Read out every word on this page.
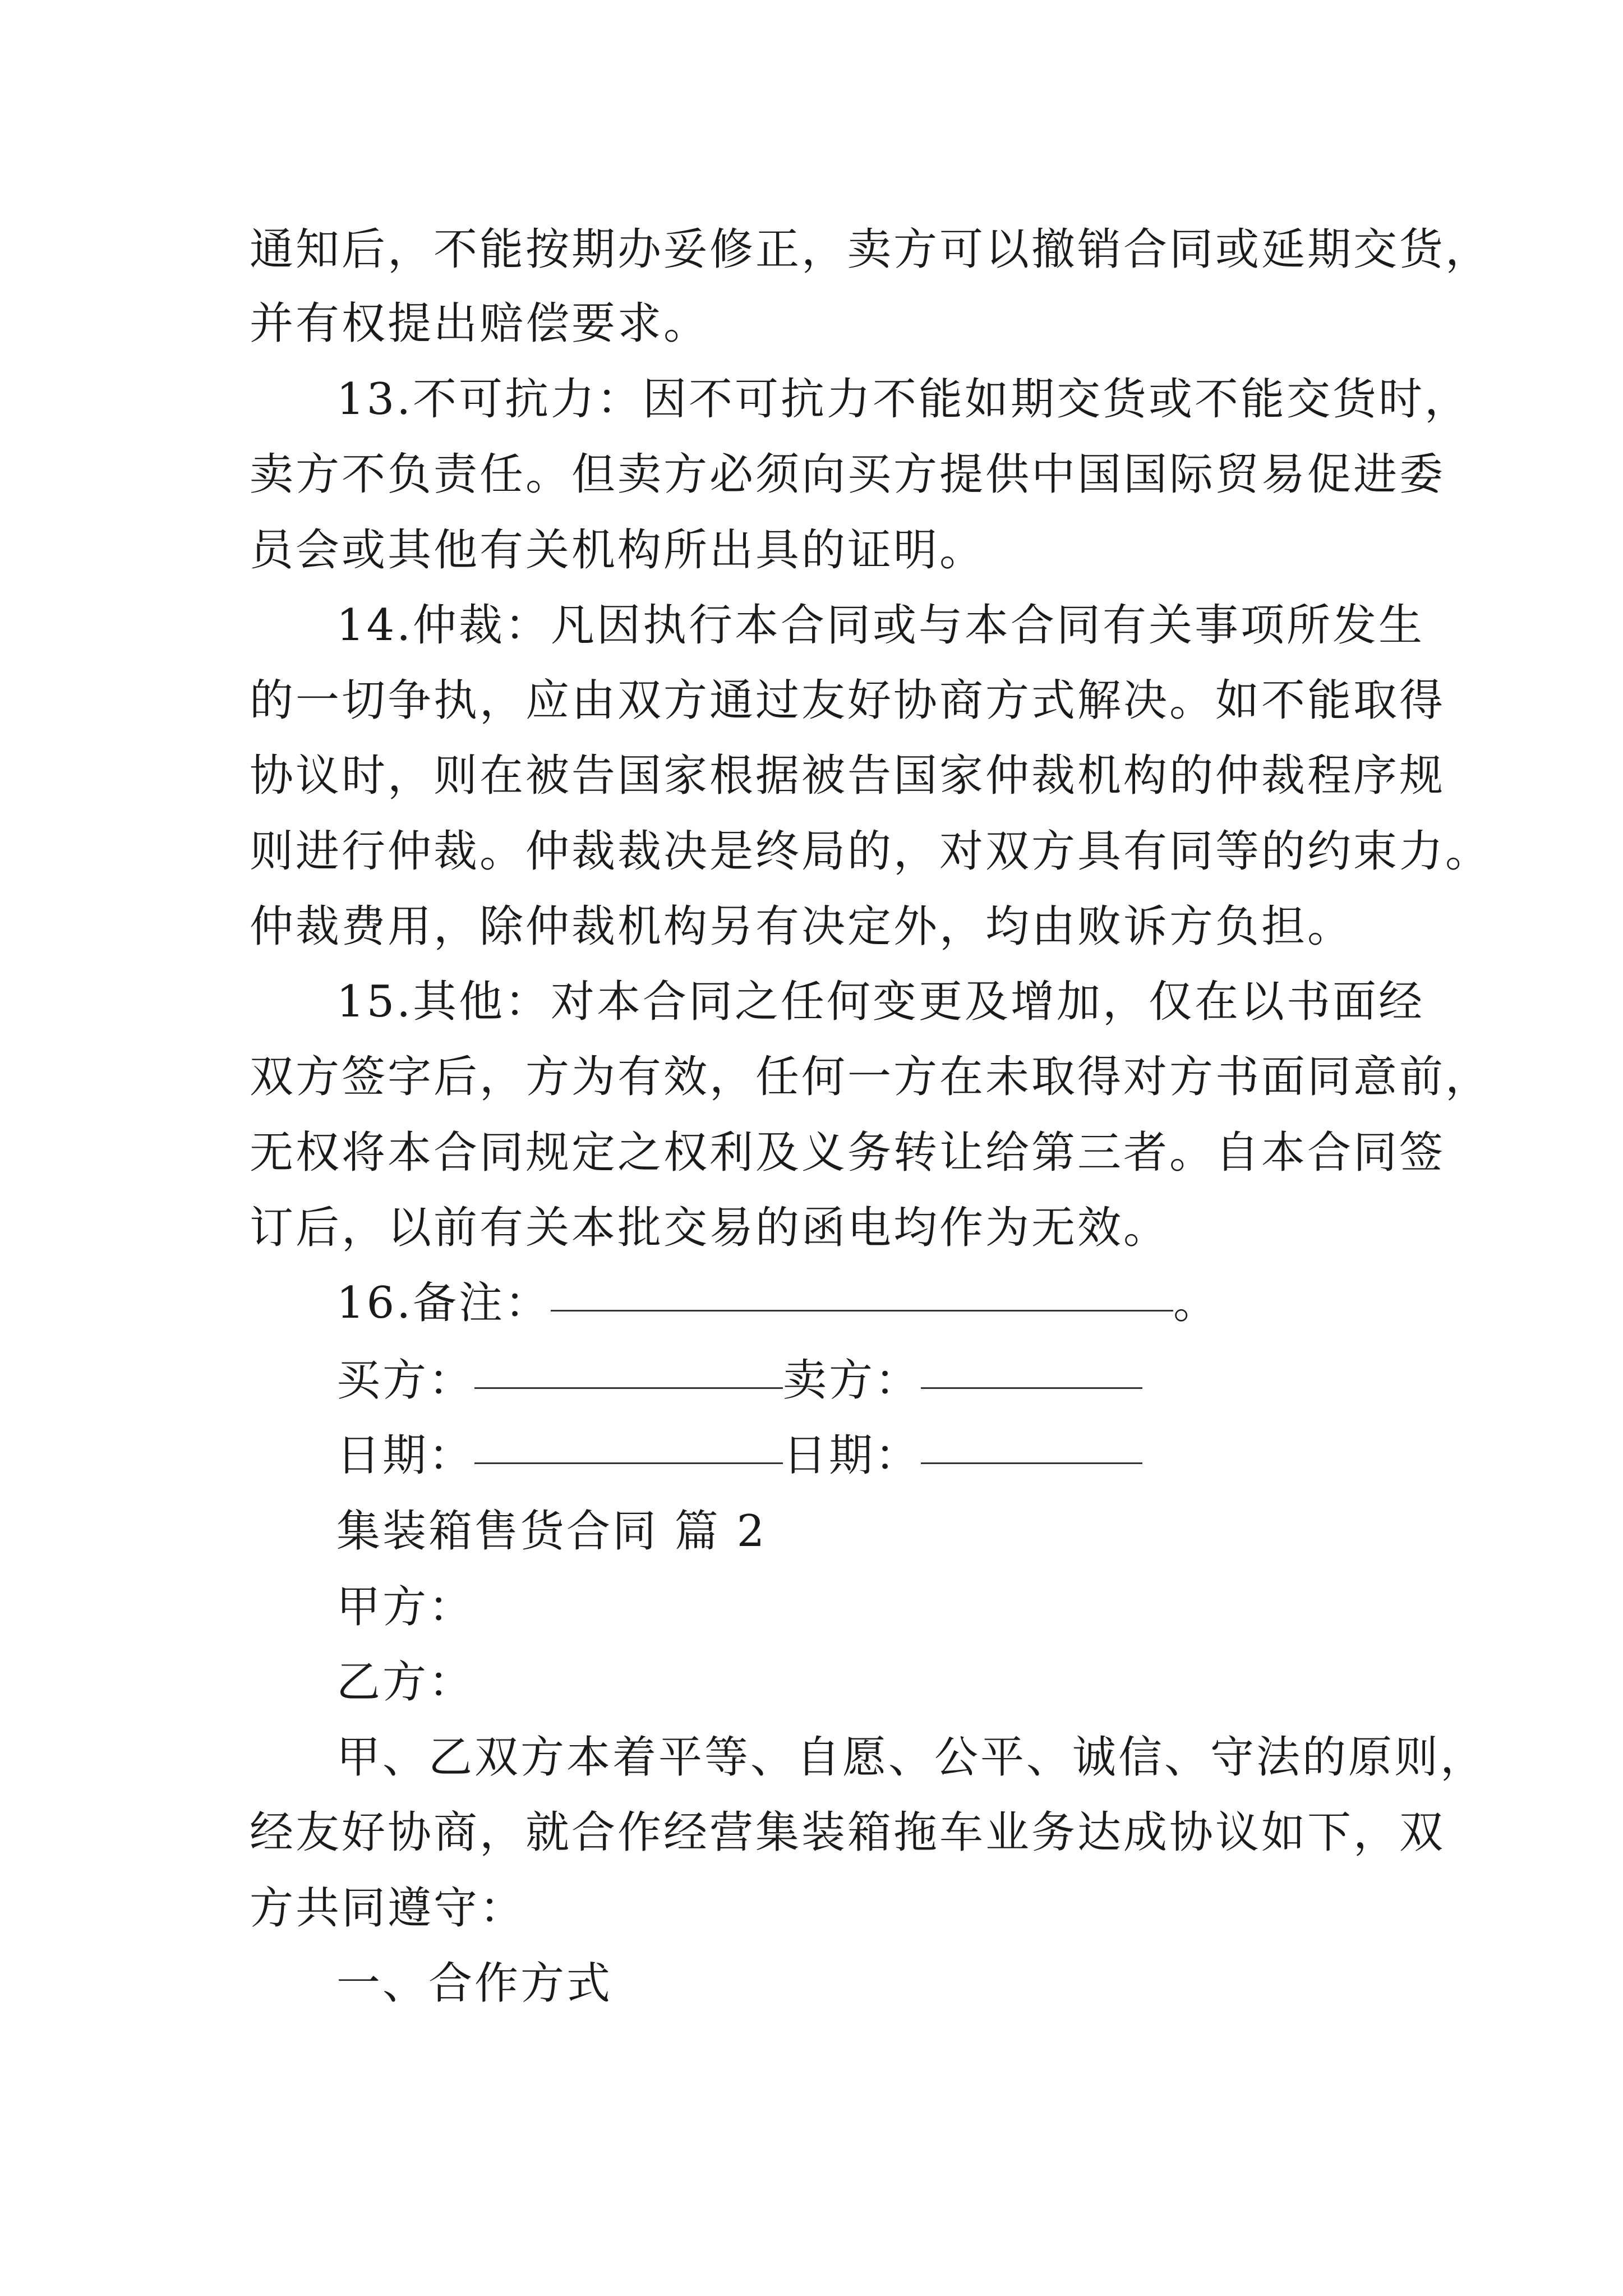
通知后，不能按期办妥修正，卖方可以撤销合同或延期交货，
并有权提出赔偿要求。
13.不可抗力：因不可抗力不能如期交货或不能交货时，
卖方不负责任。但卖方必须向买方提供中国国际贸易促进委
员会或其他有关机构所出具的证明。
14.仲裁：凡因执行本合同或与本合同有关事项所发生
的一切争执，应由双方通过友好协商方式解决。如不能取得
协议时，则在被告国家根据被告国家仲裁机构的仲裁程序规
则进行仲裁。仲裁裁决是终局的，对双方具有同等的约束力。
仲裁费用，除仲裁机构另有决定外，均由败诉方负担。
15.其他：对本合同之任何变更及增加，仅在以书面经
双方签字后，方为有效，任何一方在未取得对方书面同意前，
无权将本合同规定之权利及义务转让给第三者。自本合同签
订后，以前有关本批交易的函电均作为无效。
16.备注：	。
买方：	卖方：
日期：	日期：
集装箱售货合同 篇 2
甲方：
乙方：
甲、乙双方本着平等、自愿、公平、诚信、守法的原则，
经友好协商，就合作经营集装箱拖车业务达成协议如下，双
方共同遵守：
一、合作方式
